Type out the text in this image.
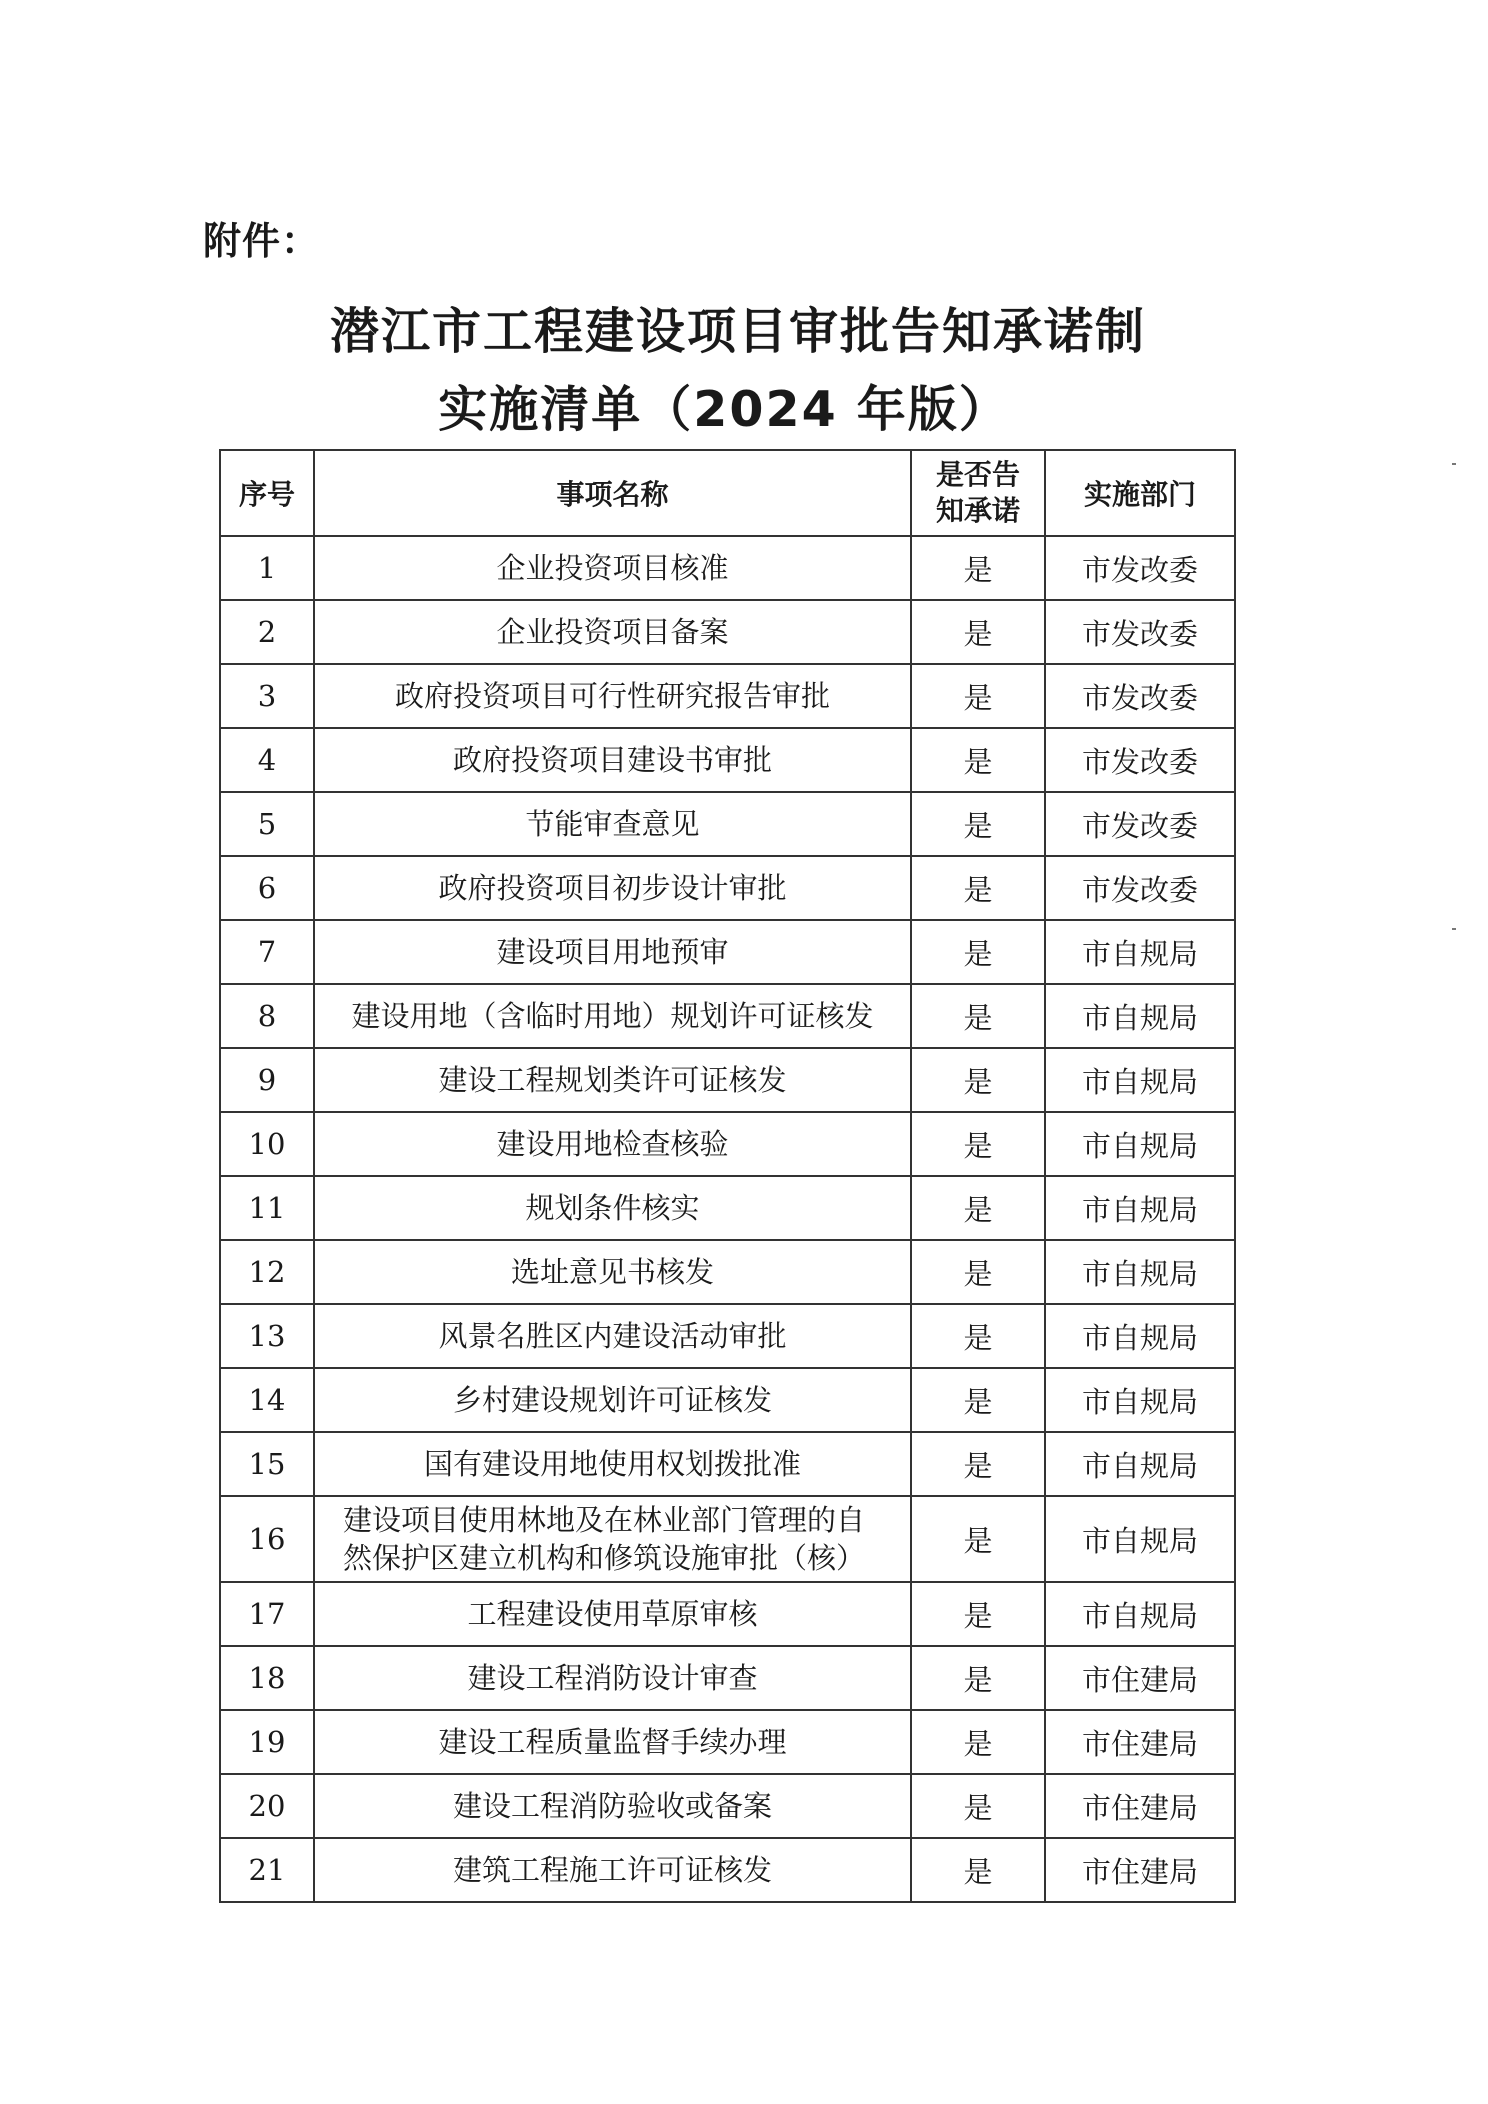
附件：
潜江市工程建设项目审批告知承诺制
实施清单（2024 年版）
序号	事项名称	是否告
知承诺	实施部门
1	企业投资项目核准	是	市发改委
2	企业投资项目备案	是	市发改委
3	政府投资项目可行性研究报告审批	是	市发改委
4	政府投资项目建设书审批	是	市发改委
5	节能审查意见	是	市发改委
6	政府投资项目初步设计审批	是	市发改委
7	建设项目用地预审	是	市自规局
8	建设用地（含临时用地）规划许可证核发	是	市自规局
9	建设工程规划类许可证核发	是	市自规局
10	建设用地检查核验	是	市自规局
11	规划条件核实	是	市自规局
12	选址意见书核发	是	市自规局
13	风景名胜区内建设活动审批	是	市自规局
14	乡村建设规划许可证核发	是	市自规局
15	国有建设用地使用权划拨批准	是	市自规局
16	建设项目使用林地及在林业部门管理的自
然保护区建立机构和修筑设施审批（核）	是	市自规局
17	工程建设使用草原审核	是	市自规局
18	建设工程消防设计审查	是	市住建局
19	建设工程质量监督手续办理	是	市住建局
20	建设工程消防验收或备案	是	市住建局
21	建筑工程施工许可证核发	是	市住建局
